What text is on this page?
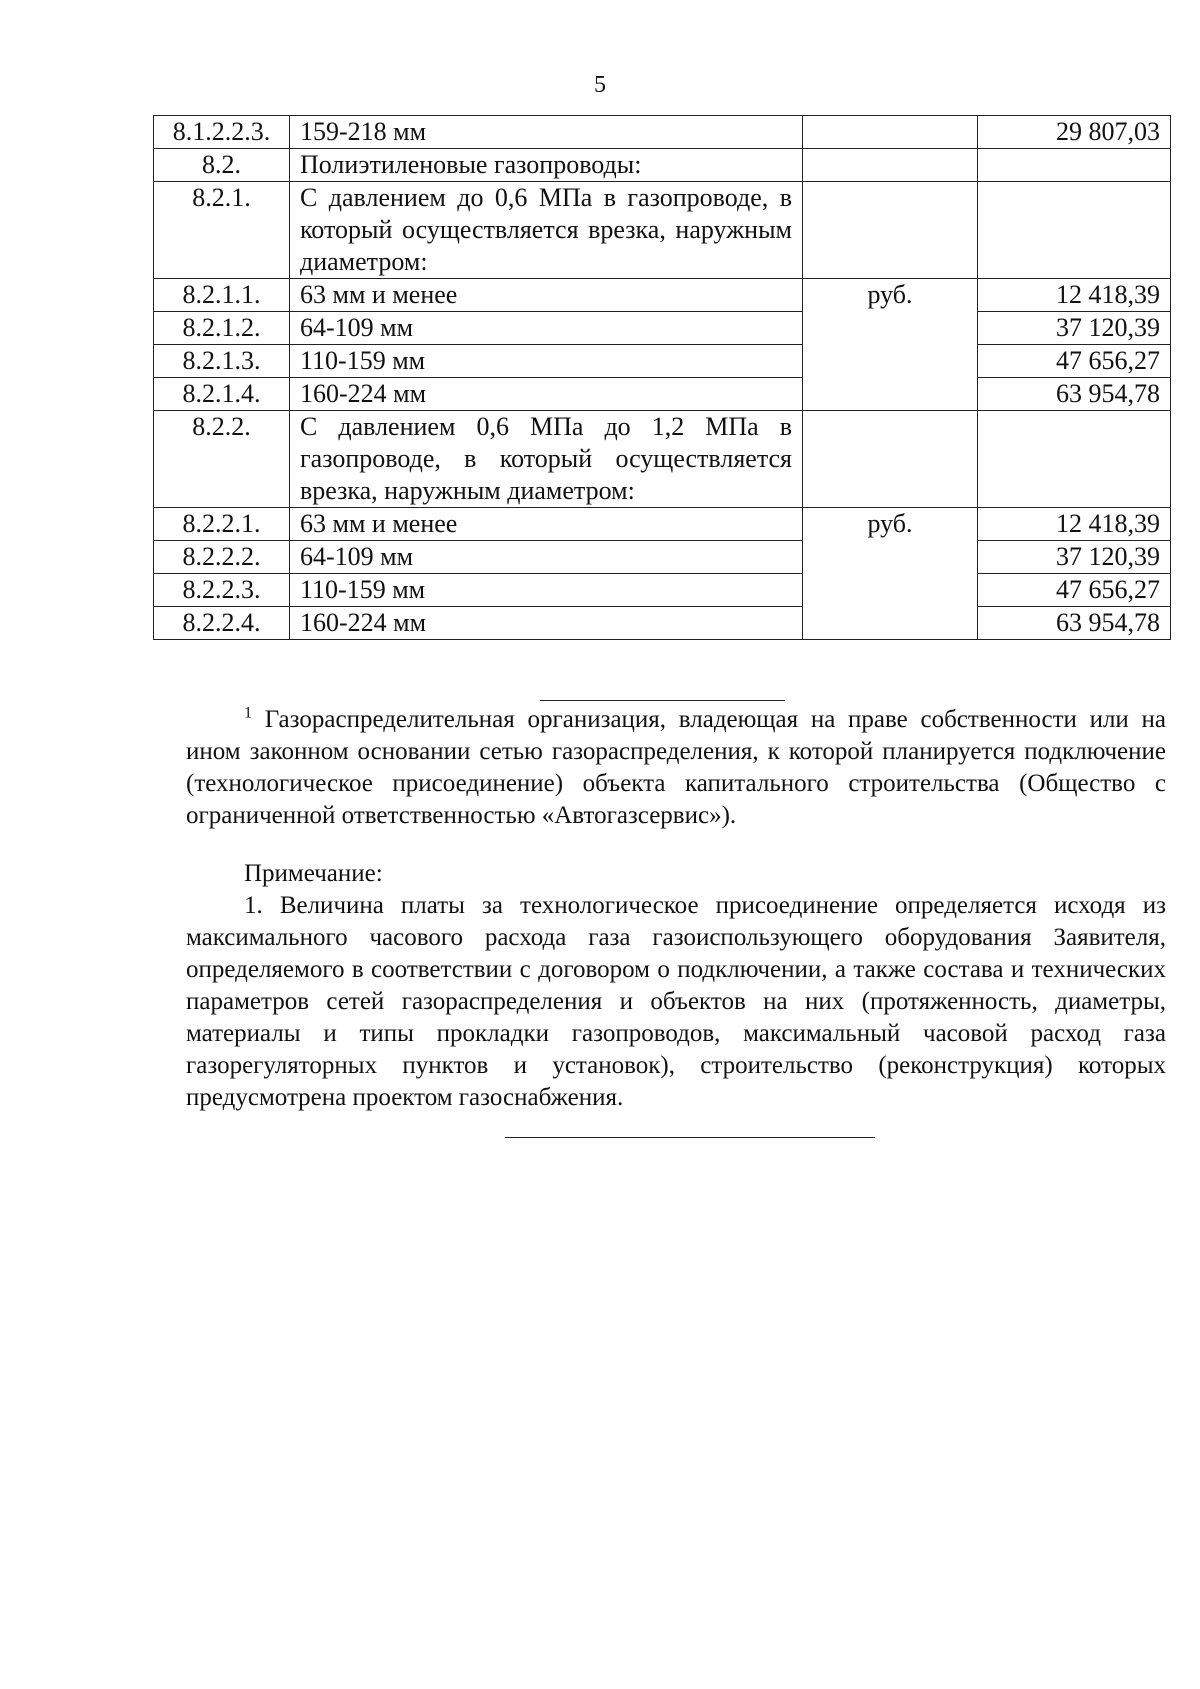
5
8.1.2.2.3.	159-218 мм		29 807,03
8.2.	Полиэтиленовые газопроводы:		
8.2.1.	С давлением до 0,6 МПа в газопроводе, в который осуществляется врезка, наружным диаметром:		
8.2.1.1.	63 мм и менее	руб.	12 418,39
8.2.1.2.	64-109 мм		37 120,39
8.2.1.3.	110-159 мм		47 656,27
8.2.1.4.	160-224 мм		63 954,78
8.2.2.	С давлением 0,6 МПа до 1,2 МПа в газопроводе, в который осуществляется врезка, наружным диаметром:		
8.2.2.1.	63 мм и менее	руб.	12 418,39
8.2.2.2.	64-109 мм		37 120,39
8.2.2.3.	110-159 мм		47 656,27
8.2.2.4.	160-224 мм		63 954,78

$^1$ Газораспределительная организация, владеющая на праве собственности или на ином законном основании сетью газораспределения, к которой планируется подключение (технологическое присоединение) объекта капитального строительства (Общество с ограниченной ответственностью «Автогазсервис»).

Примечание:

1. Величина платы за технологическое присоединение определяется исходя из максимального часового расхода газа газоиспользующего оборудования Заявителя, определяемого в соответствии с договором о подключении, а также состава и технических параметров сетей газораспределения и объектов на них (протяженность, диаметры, материалы и типы прокладки газопроводов, максимальный часовой расход газа газорегуляторных пунктов и установок), строительство (реконструкция) которых предусмотрена проектом газоснабжения.
